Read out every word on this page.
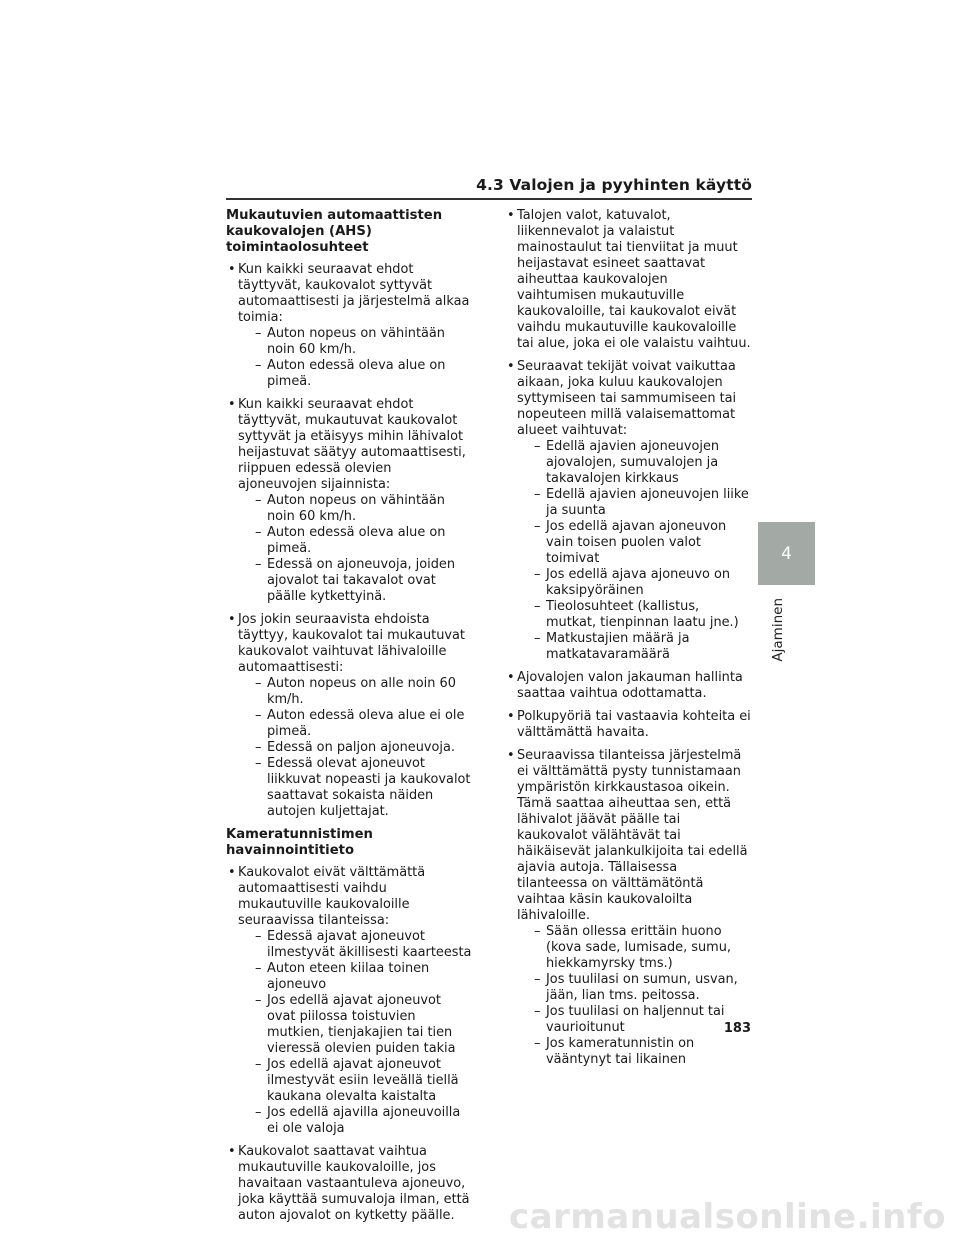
4.3 Valojen ja pyyhinten käyttö
Mukautuvien automaattisten kaukovalojen (AHS) toimintaolosuhteet
• Kun kaikki seuraavat ehdot täyttyvät, kaukovalot syttyvät automaattisesti ja järjestelmä alkaa toimia:
– Auton nopeus on vähintään noin 60 km/h.
– Auton edessä oleva alue on pimeä.
• Kun kaikki seuraavat ehdot täyttyvät, mukautuvat kaukovalot syttyvät ja etäisyys mihin lähivalot heijastuvat säätyy automaattisesti, riippuen edessä olevien ajoneuvojen sijainnista:
– Auton nopeus on vähintään noin 60 km/h.
– Auton edessä oleva alue on pimeä.
– Edessä on ajoneuvoja, joiden ajovalot tai takavalot ovat päälle kytkettyinä.
• Jos jokin seuraavista ehdoista täyttyy, kaukovalot tai mukautuvat kaukovalot vaihtuvat lähivaloille automaattisesti:
– Auton nopeus on alle noin 60 km/h.
– Auton edessä oleva alue ei ole pimeä.
– Edessä on paljon ajoneuvoja.
– Edessä olevat ajoneuvot liikkuvat nopeasti ja kaukovalot saattavat sokaista näiden autojen kuljettajat.
Kameratunnistimen havainnointitieto
• Kaukovalot eivät välttämättä automaattisesti vaihdu mukautuville kaukovaloille seuraavissa tilanteissa:
– Edessä ajavat ajoneuvot ilmestyvät äkillisesti kaarteesta
– Auton eteen kiilaa toinen ajoneuvo
– Jos edellä ajavat ajoneuvot ovat piilossa toistuvien mutkien, tienjakajien tai tien vieressä olevien puiden takia
– Jos edellä ajavat ajoneuvot ilmestyvät esiin leveällä tiellä kaukana olevalta kaistalta
– Jos edellä ajavilla ajoneuvoilla ei ole valoja
• Kaukovalot saattavat vaihtua mukautuville kaukovaloille, jos havaitaan vastaantuleva ajoneuvo, joka käyttää sumuvaloja ilman, että auton ajovalot on kytketty päälle.
• Talojen valot, katuvalot, liikennevalot ja valaistut mainostaulut tai tienviitat ja muut heijastavat esineet saattavat aiheuttaa kaukovalojen vaihtumisen mukautuville kaukovaloille, tai kaukovalot eivät vaihdu mukautuville kaukovaloille tai alue, joka ei ole valaistu vaihtuu.
• Seuraavat tekijät voivat vaikuttaa aikaan, joka kuluu kaukovalojen syttymiseen tai sammumiseen tai nopeuteen millä valaisemattomat alueet vaihtuvat:
– Edellä ajavien ajoneuvojen ajovalojen, sumuvalojen ja takavalojen kirkkaus
– Edellä ajavien ajoneuvojen liike ja suunta
– Jos edellä ajavan ajoneuvon vain toisen puolen valot toimivat
– Jos edellä ajava ajoneuvo on kaksipyöräinen
– Tieolosuhteet (kallistus, mutkat, tienpinnan laatu jne.)
– Matkustajien määrä ja matkatavaramäärä
• Ajovalojen valon jakauman hallinta saattaa vaihtua odottamatta.
• Polkupyöriä tai vastaavia kohteita ei välttämättä havaita.
• Seuraavissa tilanteissa järjestelmä ei välttämättä pysty tunnistamaan ympäristön kirkkaustasoa oikein. Tämä saattaa aiheuttaa sen, että lähivalot jäävät päälle tai kaukovalot välähtävät tai häikäisevät jalankulkijoita tai edellä ajavia autoja. Tällaisessa tilanteessa on välttämätöntä vaihtaa käsin kaukovaloilta lähivaloille.
– Sään ollessa erittäin huono (kova sade, lumisade, sumu, hiekkamyrsky tms.)
– Jos tuulilasi on sumun, usvan, jään, lian tms. peitossa.
– Jos tuulilasi on haljennut tai vaurioitunut
– Jos kameratunnistin on vääntynyt tai likainen
4
Ajaminen
183
carmanualsonline.info
